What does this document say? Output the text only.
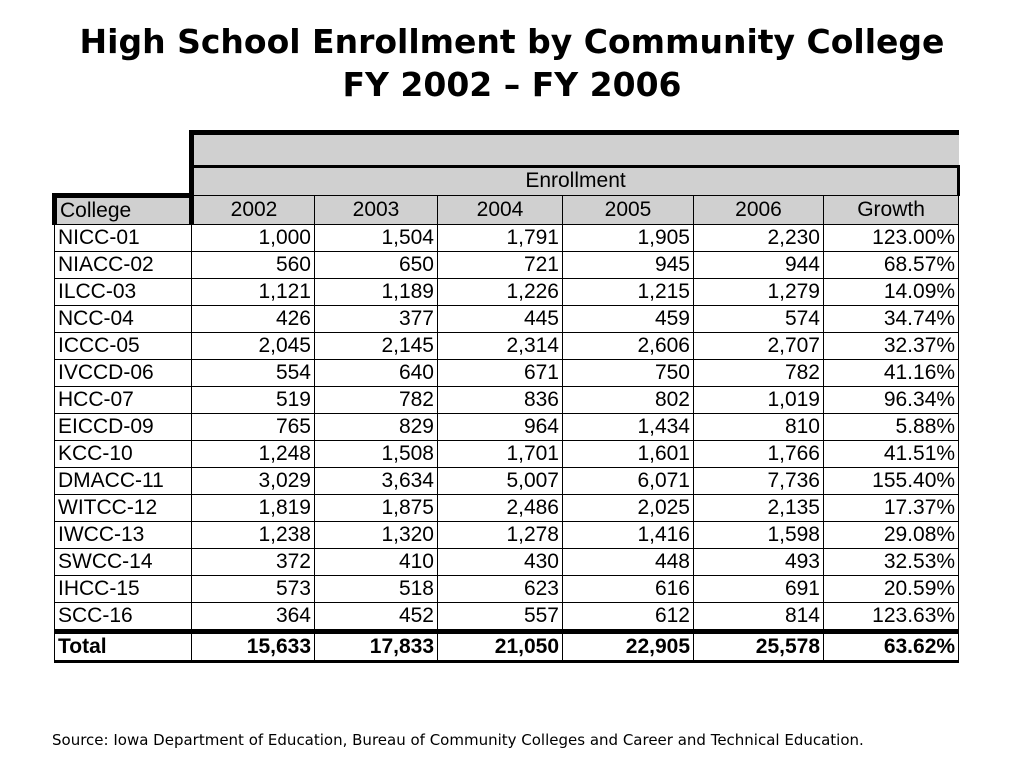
High School Enrollment by Community College
FY 2002 – FY 2006

	Enrollment					
College	2002	2003	2004	2005	2006	Growth
NICC-01	1,000	1,504	1,791	1,905	2,230	123.00%
NIACC-02	560	650	721	945	944	68.57%
ILCC-03	1,121	1,189	1,226	1,215	1,279	14.09%
NCC-04	426	377	445	459	574	34.74%
ICCC-05	2,045	2,145	2,314	2,606	2,707	32.37%
IVCCD-06	554	640	671	750	782	41.16%
HCC-07	519	782	836	802	1,019	96.34%
EICCD-09	765	829	964	1,434	810	5.88%
KCC-10	1,248	1,508	1,701	1,601	1,766	41.51%
DMACC-11	3,029	3,634	5,007	6,071	7,736	155.40%
WITCC-12	1,819	1,875	2,486	2,025	2,135	17.37%
IWCC-13	1,238	1,320	1,278	1,416	1,598	29.08%
SWCC-14	372	410	430	448	493	32.53%
IHCC-15	573	518	623	616	691	20.59%
SCC-16	364	452	557	612	814	123.63%
Total	15,633	17,833	21,050	22,905	25,578	63.62%
Source: Iowa Department of Education, Bureau of Community Colleges and Career and Technical Education.
